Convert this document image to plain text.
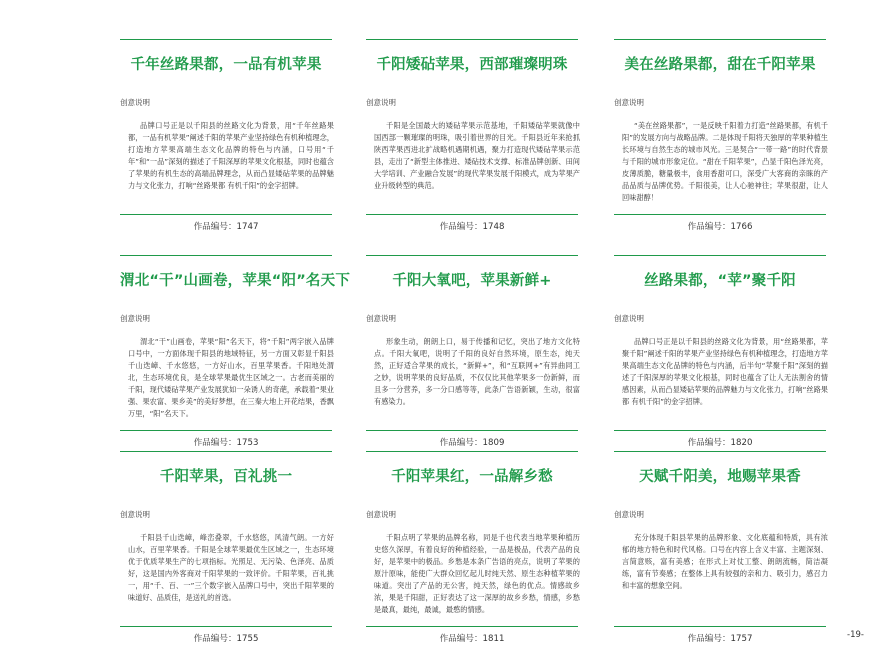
千年丝路果都，一品有机苹果
创意说明
品牌口号正是以千阳县的丝路文化为背景，用“千年丝路果都，一品有机苹果”阐述千阳的苹果产业坚持绿色有机种植理念，打造地方苹果高端生态文化品牌的特色与内涵，口号用“千年”和“一品”深刻的描述了千阳深厚的苹果文化根基，同时也蕴含了苹果的有机生态的高端品牌理念，从而凸显矮砧苹果的品牌魅力与文化张力，打响“丝路果都 有机千阳”的金字招牌。
作品编号：1747
千阳矮砧苹果，西部璀璨明珠
创意说明
千阳是全国最大的矮砧苹果示范基地，千阳矮砧苹果就像中国西部一颗璀璨的明珠，吸引着世界的目光。千阳县近年来抢抓陕西苹果西进北扩战略机遇期机遇，聚力打造现代矮砧苹果示范县，走出了“新型主体推进、矮砧技术支撑、标准品牌创新、田间大学培训、产业融合发展”的现代苹果发展千阳模式，成为苹果产业升级转型的典范。
作品编号：1748
美在丝路果都，甜在千阳苹果
创意说明
“美在丝路果都”，一是反映千阳着力打造“丝路果都，有机千阳”的发展方向与战略品牌。二是体现千阳将天独厚的苹果种植生长环境与自然生态的城市风光。三是契合“一带一路”的时代背景与千阳的城市形象定位。“甜在千阳苹果”，凸显千阳色泽光亮，皮薄质脆，糖量极丰，食用香甜可口，深受广大客商的亲睐的产品品质与品牌优势。千阳很美，让人心驰神往；苹果很甜，让人回味甜醇！
作品编号：1766
渭北“干”山画卷，苹果“阳”名天下
创意说明
渭北“干”山画卷，苹果“阳”名天下，将“千阳”两字嵌入品牌口号中，一方面体现千阳县的地域特征，另一方面又彰显千阳县千山迭嶂、千水悠悠，一方好山水，百里苹果香。千阳地处渭北，生态环境优良，是全球苹果最优生区域之一。古老而美丽的千阳，现代矮砧苹果产业发展犹如一朵诱人的奇葩，承载着“果业强、果农富、果乡美”的美好梦想，在三秦大地上开花结果，香飘万里，“阳”名天下。
作品编号：1753
千阳大氧吧，苹果新鲜+
创意说明
形象生动，朗朗上口，易于传播和记忆，突出了地方文化特点。千阳大氧吧，说明了千阳的良好自然环境，原生态，纯天然，正好适合苹果的成长，“新鲜+”，和“互联网+”有异曲同工之妙，说明苹果的良好品质，不仅仅比其他苹果多一份新鲜，而且多一分营养，多一分口感等等，此条广告语新颖，生动，很富有感染力。
作品编号：1809
丝路果都，“苹”聚千阳
创意说明
品牌口号正是以千阳县的丝路文化为背景，用“丝路果都，苹聚千阳”阐述千阳的苹果产业坚持绿色有机种植理念，打造地方苹果高端生态文化品牌的特色与内涵，后半句“苹聚千阳”深刻的描述了千阳深厚的苹果文化根基，同时也蕴含了让人无法割舍的情感因素，从而凸显矮砧苹果的品牌魅力与文化张力，打响“丝路果都 有机千阳”的金字招牌。
作品编号：1820
千阳苹果，百礼挑一
创意说明
千阳县千山迭嶂，峰峦叠翠，千水悠悠，风清气朗。一方好山水，百里苹果香。千阳是全球苹果最优生区域之一，生态环境优于优质苹果生产的七项指标。光照足、无污染、色泽亮、品质好，这是国内外客商对千阳苹果的一致评价。千阳苹果，百礼挑一，用“千、百、一”三个数字嵌入品牌口号中，突出千阳苹果的味道好、品质佳，是送礼的首选。
作品编号：1755
千阳苹果红，一品解乡愁
创意说明
千阳点明了苹果的品牌名称，同是千也代表当地苹果种植历史悠久深厚，有着良好的种植经验，一品是极品，代表产品的良好，是苹果中的极品。乡愁是本条广告语的亮点，说明了苹果的原汁原味，能使广大群众回忆起儿时纯天然、原生态种植苹果的味道。突出了产品的无公害，纯天然，绿色的优点。情感故乡浓，果是千阳甜，正好表达了这一深厚的故乡乡愁，情感，乡愁是最真，最纯，最诚，最憨的情感。
作品编号：1811
天赋千阳美，地赐苹果香
创意说明
充分体现千阳县苹果的品牌形象、文化底蕴和特质，具有浓郁的地方特色和时代风格。口号在内容上含义丰富、主题深刻、言简意赅，富有美感；在形式上对仗工整、朗朗流畅，简洁凝练，富有节奏感；在整体上具有较强的亲和力、吸引力，感召力和丰富的想象空间。
作品编号：1757	-19-
